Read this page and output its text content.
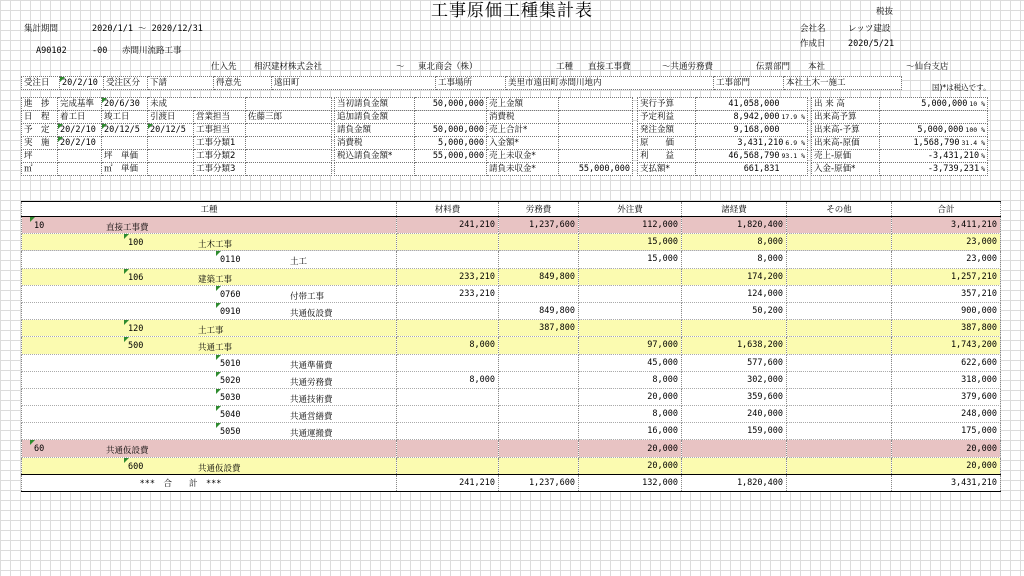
工事原価工種集計表	税抜
集計期間	2020/1/1 ～ 2020/12/31	会社名	レッツ建設
作成日	2020/5/21
A90102	-00 赤間川流路工事
仕入先 相沢建材株式会社	～ 東北商会（株）	工種 直接工事費	～共通労務費	伝票部門 本社	～仙台支店
受注日	20/2/10	受注区分	下請	得意先	遠田町	工事場所	美里市遠田町赤間川地内	工事部門	本社土木一施工
進　捗	完成基準	20/6/30	未成		
日　程	着工日	竣工日	引渡日	営業担当	佐藤三郎
予　定	20/2/10	20/12/5	20/12/5	工事担当	
実　施	20/2/10			工事分類1	
坪		坪　単価		工事分類2	
㎡		㎡　単価		工事分類3	
当初請負金額	50,000,000	売上金額	
追加請負金額		消費税	
請負金額	50,000,000	売上合計*	
消費税	5,000,000	入金額*	
税込請負金額*	55,000,000	売上未収金*	
		請負未収金*	55,000,000
実行予算	41,058,000
予定利益	8,942,000 17.9 %
発注金額	9,168,000
原　　価	3,431,210 6.9 %
利　　益	46,568,790 93.1 %
支払額*	661,831
出 来 高	5,000,000 10 %
出来高予算	
出来高-予算	5,000,000 100 %
出来高-原価	1,568,790 31.4 %
売上-原価	-3,431,210 %
入金-原価*	-3,739,231 %
国)*は税込です。
工種	材料費	労務費	外注費	諸経費	その他	合計

10 直接工事費	241,210	1,237,600	112,000	1,820,400		3,411,210

100 土木工事			15,000	8,000		23,000

0110 土工			15,000	8,000		23,000

106 建築工事	233,210	849,800		174,200		1,257,210

0760 付帯工事	233,210			124,000		357,210

0910 共通仮設費		849,800		50,200		900,000

120 土工事		387,800				387,800

500 共通工事	8,000		97,000	1,638,200		1,743,200

5010 共通準備費			45,000	577,600		622,600

5020 共通労務費	8,000		8,000	302,000		318,000

5030 共通技術費			20,000	359,600		379,600

5040 共通営繕費			8,000	240,000		248,000

5050 共通運搬費			16,000	159,000		175,000

60 共通仮設費			20,000			20,000

600 共通仮設費			20,000			20,000
***　合　　計　***	241,210	1,237,600	132,000	1,820,400		3,431,210
